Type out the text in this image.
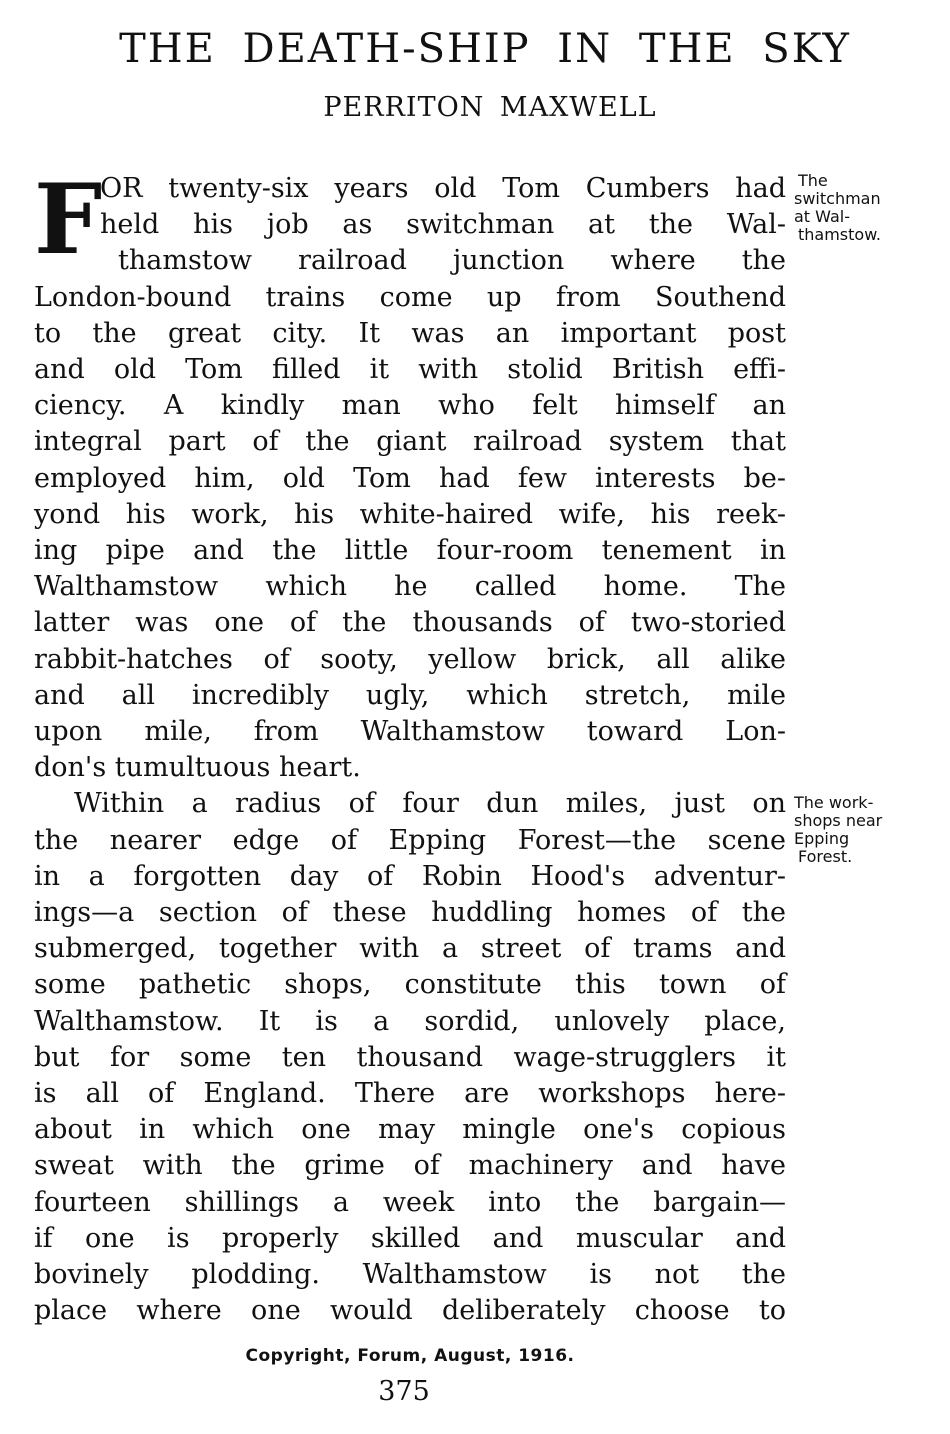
THE DEATH-SHIP IN THE SKY
PERRITON MAXWELL
F
OR twenty-six years old Tom Cumbers had
held his job as switchman at the Wal-
thamstow railroad junction where the
London-bound trains come up from Southend
to the great city. It was an important post
and old Tom filled it with stolid British effi-
ciency. A kindly man who felt himself an
integral part of the giant railroad system that
employed him, old Tom had few interests be-
yond his work, his white-haired wife, his reek-
ing pipe and the little four-room tenement in
Walthamstow which he called home. The
latter was one of the thousands of two-storied
rabbit-hatches of sooty, yellow brick, all alike
and all incredibly ugly, which stretch, mile
upon mile, from Walthamstow toward Lon-
don's tumultuous heart.
Within a radius of four dun miles, just on
the nearer edge of Epping Forest—the scene
in a forgotten day of Robin Hood's adventur-
ings—a section of these huddling homes of the
submerged, together with a street of trams and
some pathetic shops, constitute this town of
Walthamstow. It is a sordid, unlovely place,
but for some ten thousand wage-strugglers it
is all of England. There are workshops here-
about in which one may mingle one's copious
sweat with the grime of machinery and have
fourteen shillings a week into the bargain—
if one is properly skilled and muscular and
bovinely plodding. Walthamstow is not the
place where one would deliberately choose to
The
switchman
at Wal-
thamstow.
The work-
shops near
Epping
Forest.
Copyright, Forum, August, 1916.
375
